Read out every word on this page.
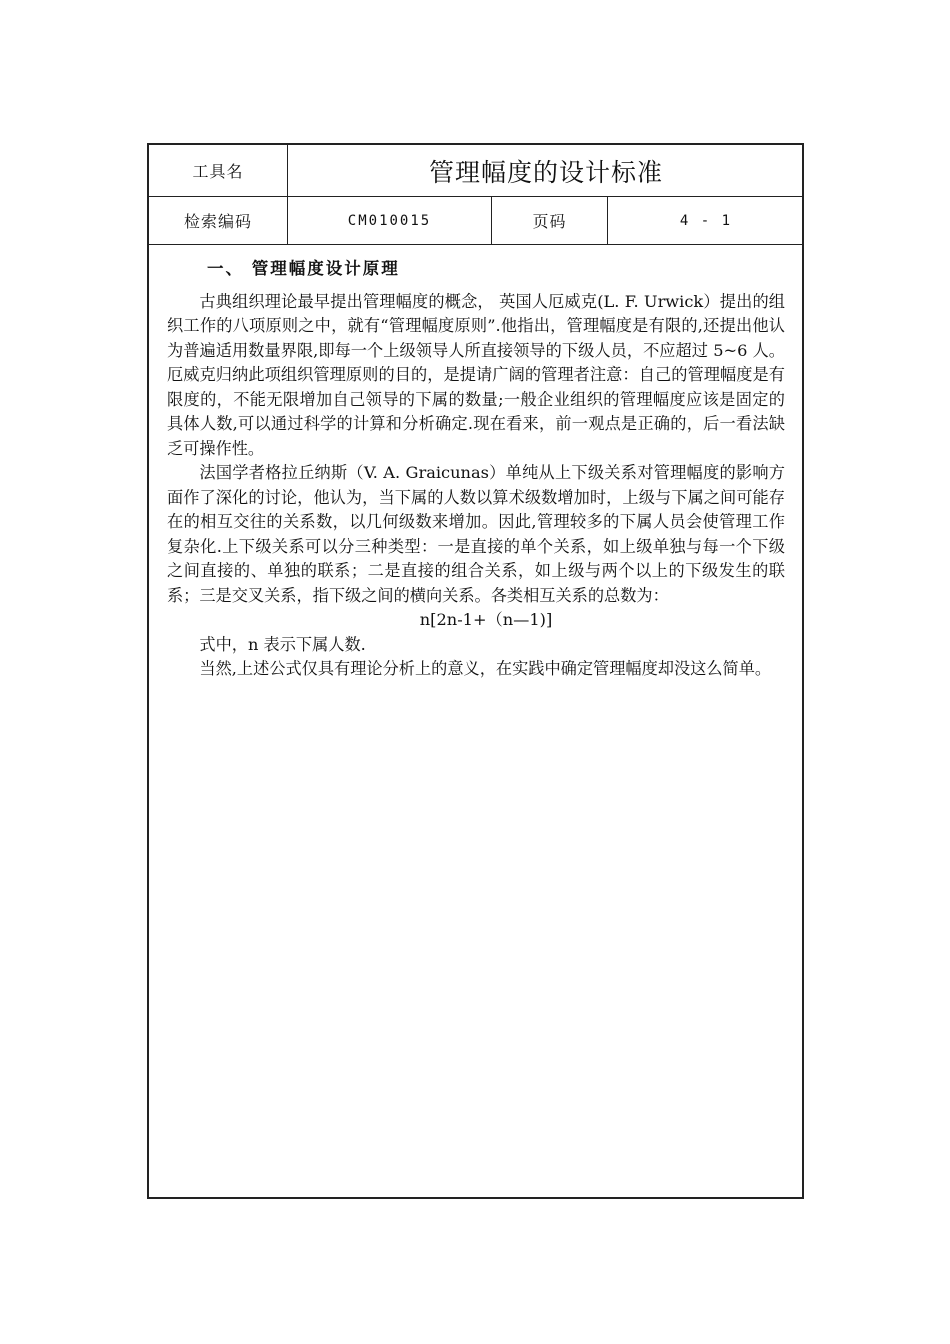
工具名	管理幅度的设计标准
检索编码	CM010015	页码	4 - 1
一、 管理幅度设计原理

古典组织理论最早提出管理幅度的概念， 英国人厄威克(L. F. Urwick）提出的组织工作的八项原则之中，就有“管理幅度原则”.他指出，管理幅度是有限的,还提出他认为普遍适用数量界限,即每一个上级领导人所直接领导的下级人员，不应超过 5~6 人。厄威克归纳此项组织管理原则的目的，是提请广阔的管理者注意：自己的管理幅度是有限度的，不能无限增加自己领导的下属的数量;一般企业组织的管理幅度应该是固定的具体人数,可以通过科学的计算和分析确定.现在看来，前一观点是正确的，后一看法缺乏可操作性。

法国学者格拉丘纳斯（V. A. Graicunas）单纯从上下级关系对管理幅度的影响方面作了深化的讨论，他认为，当下属的人数以算术级数增加时，上级与下属之间可能存在的相互交往的关系数，以几何级数来增加。因此,管理较多的下属人员会使管理工作复杂化.上下级关系可以分三种类型：一是直接的单个关系，如上级单独与每一个下级之间直接的、单独的联系；二是直接的组合关系，如上级与两个以上的下级发生的联系；三是交叉关系，指下级之间的横向关系。各类相互关系的总数为：

n[2n-1+（n—1)]

式中，n 表示下属人数.

当然,上述公式仅具有理论分析上的意义，在实践中确定管理幅度却没这么简单。
